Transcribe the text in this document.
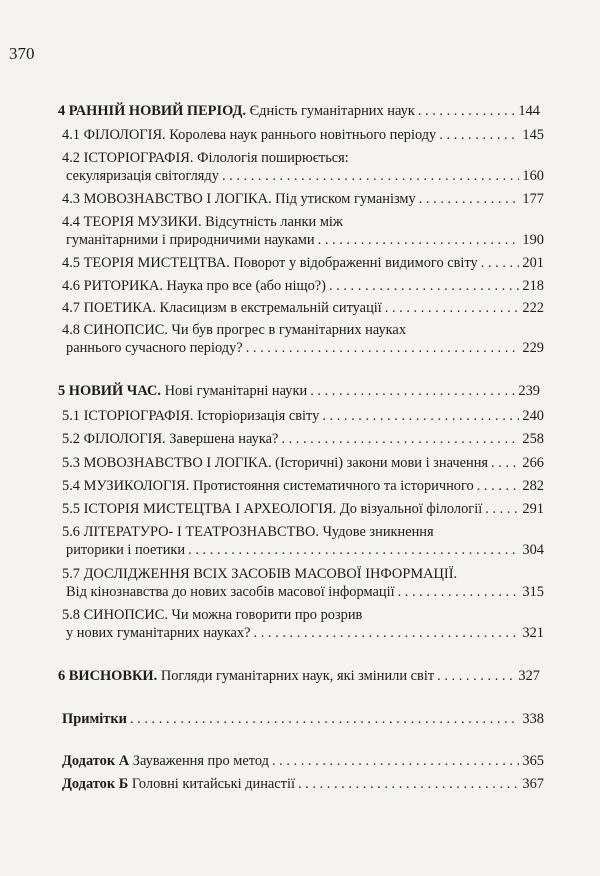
370
4 РАННІЙ НОВИЙ ПЕРІОД. Єдність гуманітарних наук . . .	144
4.1 ФІЛОЛОГІЯ. Королева наук раннього новітнього періоду . . .	145
4.2 ІСТОРІОГРАФІЯ. Філологія поширюється:
секуляризація світогляду . . .	160
4.3 МОВОЗНАВСТВО І ЛОГІКА. Під утиском гуманізму . . .	177
4.4 ТЕОРІЯ МУЗИКИ. Відсутність ланки між
гуманітарними і природничими науками . . .	190
4.5 ТЕОРІЯ МИСТЕЦТВА. Поворот у відображенні видимого світу . . .	201
4.6 РИТОРИКА. Наука про все (або ніщо?) . . .	218
4.7 ПОЕТИКА. Класицизм в екстремальній ситуації . . .	222
4.8 СИНОПСИС. Чи був прогрес в гуманітарних науках
раннього сучасного періоду? . . .	229
5 НОВИЙ ЧАС. Нові гуманітарні науки . . .	239
5.1 ІСТОРІОГРАФІЯ. Історіоризація світу . . .	240
5.2 ФІЛОЛОГІЯ. Завершена наука? . . .	258
5.3 МОВОЗНАВСТВО І ЛОГІКА. (Історичні) закони мови і значення . . . 266
5.4 МУЗИКОЛОГІЯ. Протистояння систематичного та історичного . . .	282
5.5 ІСТОРІЯ МИСТЕЦТВА І АРХЕОЛОГІЯ. До візуальної філології . . .	291
5.6 ЛІТЕРАТУРО- І ТЕАТРОЗНАВСТВО. Чудове зникнення
риторики і поетики . . .	304
5.7 ДОСЛІДЖЕННЯ ВСІХ ЗАСОБІВ МАСОВОЇ ІНФОРМАЦІЇ.
Від кінознавства до нових засобів масової інформації . . .	315
5.8 СИНОПСИС. Чи можна говорити про розрив
у нових гуманітарних науках? . . .	321
6 ВИСНОВКИ. Погляди гуманітарних наук, які змінили світ . . .	327
Примітки . . .	338
Додаток А Зауваження про метод . . .	365
Додаток Б Головні китайські династії . . .	367
